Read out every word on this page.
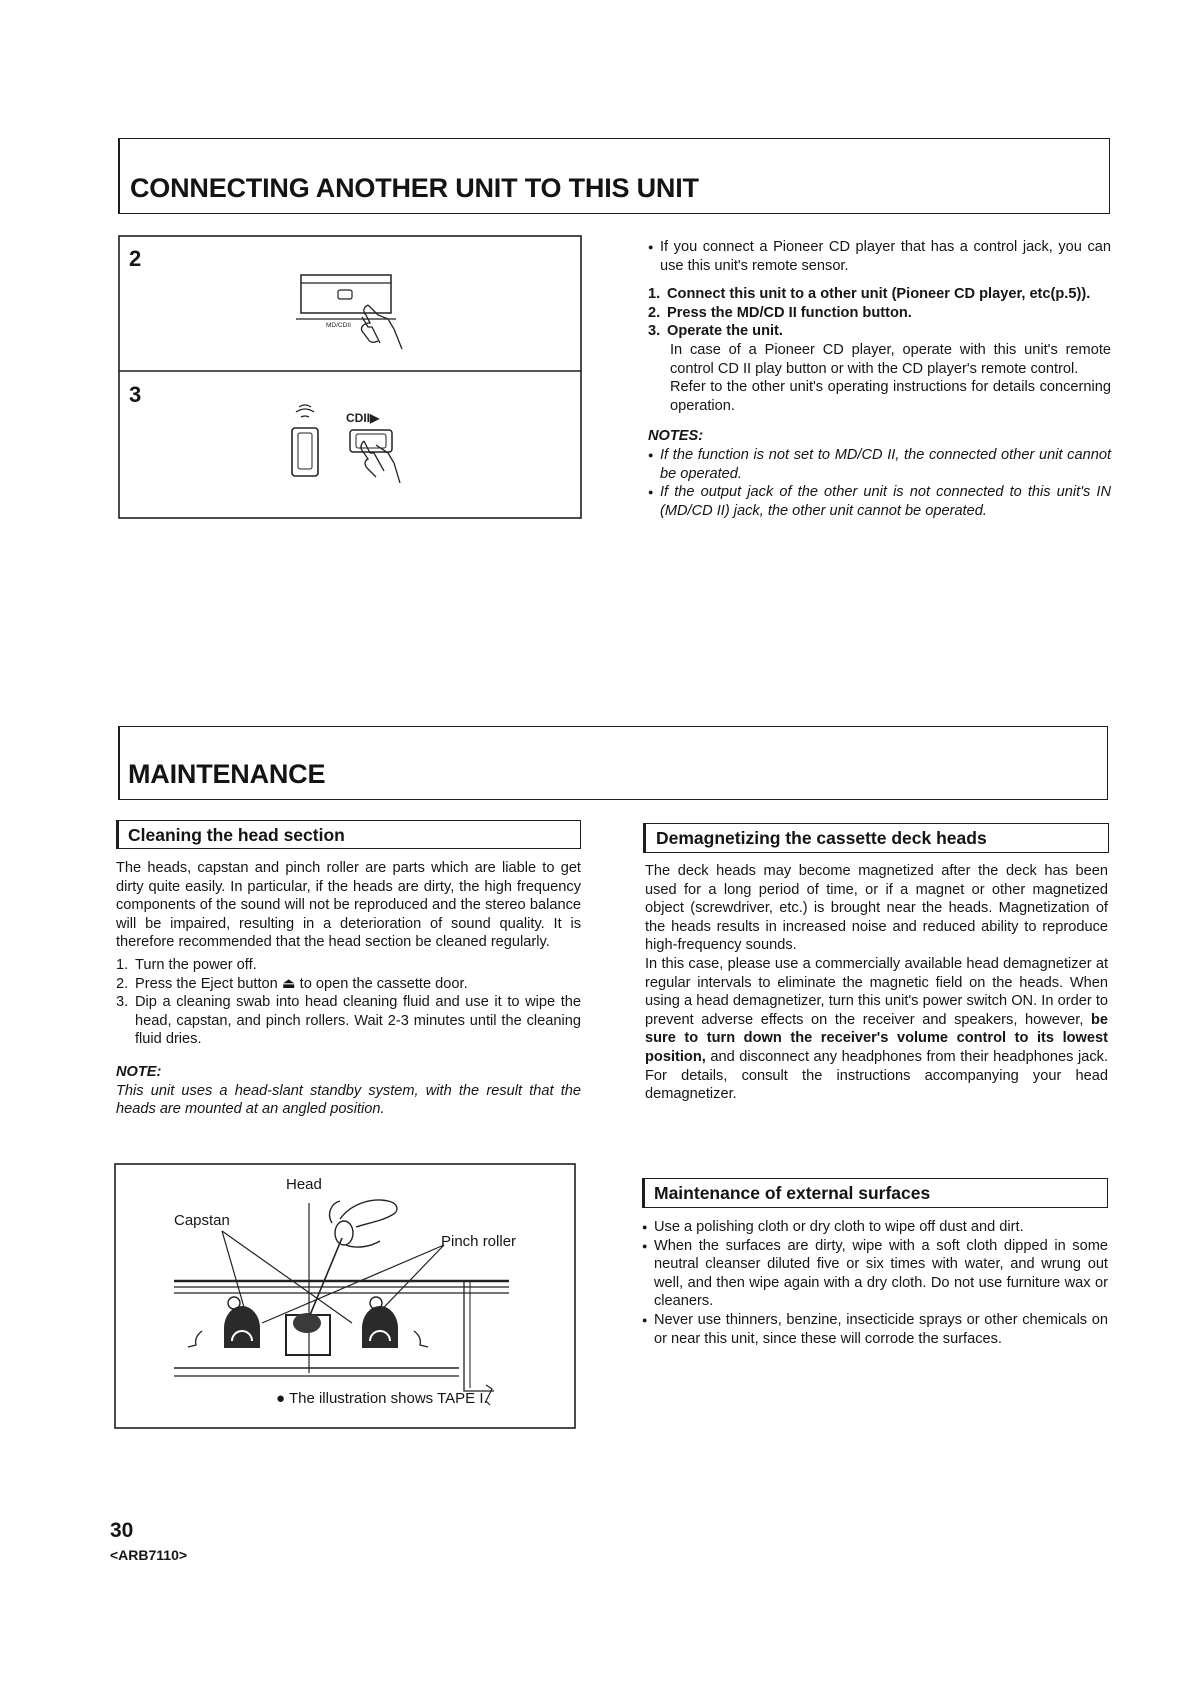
CONNECTING ANOTHER UNIT TO THIS UNIT
MD/CDII
CDII▶
2
3

● If you connect a Pioneer CD player that has a control jack, you can use this unit's remote sensor.

1. Connect this unit to a other unit (Pioneer CD player, etc(p.5)).
2. Press the MD/CD II function button.
3. Operate the unit.

In case of a Pioneer CD player, operate with this unit's remote control CD II play button or with the CD player's remote control.

Refer to the other unit's operating instructions for details concerning operation.

NOTES:

● If the function is not set to MD/CD II, the connected other unit cannot be operated.

● If the output jack of the other unit is not connected to this unit's IN (MD/CD II) jack, the other unit cannot be operated.

MAINTENANCE
Cleaning the head section

The heads, capstan and pinch roller are parts which are liable to get dirty quite easily. In particular, if the heads are dirty, the high frequency components of the sound will not be reproduced and the stereo balance will be impaired, resulting in a deterioration of sound quality. It is therefore recommended that the head section be cleaned regularly.

1. Turn the power off.
2. Press the Eject button ⏏ to open the cassette door.
3. Dip a cleaning swab into head cleaning fluid and use it to wipe the head, capstan, and pinch rollers. Wait 2-3 minutes until the cleaning fluid dries.

NOTE:

This unit uses a head-slant standby system, with the result that the heads are mounted at an angled position.

Head
Capstan
Pinch roller
● The illustration shows TAPE I.
Demagnetizing the cassette deck heads

The deck heads may become magnetized after the deck has been used for a long period of time, or if a magnet or other magnetized object (screwdriver, etc.) is brought near the heads. Magnetization of the heads results in increased noise and reduced ability to reproduce high-frequency sounds.

In this case, please use a commercially available head demagnetizer at regular intervals to eliminate the magnetic field on the heads. When using a head demagnetizer, turn this unit's power switch ON. In order to prevent adverse effects on the receiver and speakers, however, be sure to turn down the receiver's volume control to its lowest position, and disconnect any headphones from their headphones jack. For details, consult the instructions accompanying your head demagnetizer.

Maintenance of external surfaces

● Use a polishing cloth or dry cloth to wipe off dust and dirt.

● When the surfaces are dirty, wipe with a soft cloth dipped in some neutral cleanser diluted five or six times with water, and wrung out well, and then wipe again with a dry cloth. Do not use furniture wax or cleaners.

● Never use thinners, benzine, insecticide sprays or other chemicals on or near this unit, since these will corrode the surfaces.

30
<ARB7110>
